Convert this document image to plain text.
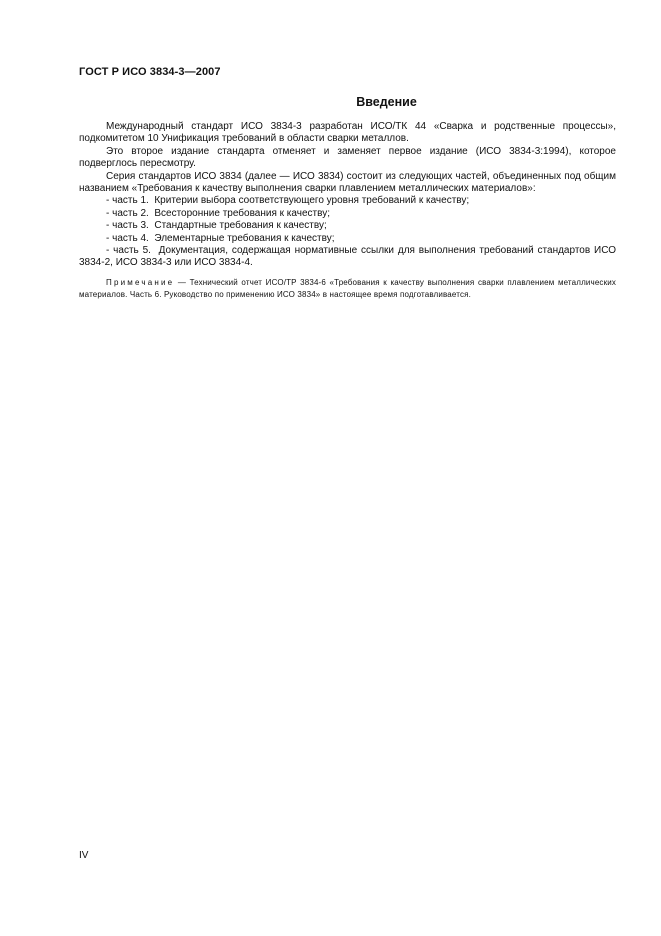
ГОСТ Р ИСО 3834-3—2007
Введение

Международный стандарт ИСО 3834-3 разработан ИСО/ТК 44 «Сварка и родственные процессы», подкомитетом 10 Унификация требований в области сварки металлов.

Это второе издание стандарта отменяет и заменяет первое издание (ИСО 3834-3:1994), которое подверглось пересмотру.

Серия стандартов ИСО 3834 (далее — ИСО 3834) состоит из следующих частей, объединенных под общим названием «Требования к качеству выполнения сварки плавлением металлических материалов»:

- часть 1. Критерии выбора соответствующего уровня требований к качеству;

- часть 2. Всесторонние требования к качеству;

- часть 3. Стандартные требования к качеству;

- часть 4. Элементарные требования к качеству;

- часть 5. Документация, содержащая нормативные ссылки для выполнения требований стандартов ИСО 3834-2, ИСО 3834-3 или ИСО 3834-4.

Примечание — Технический отчет ИСО/ТР 3834-6 «Требования к качеству выполнения сварки плавлением металлических материалов. Часть 6. Руководство по применению ИСО 3834» в настоящее время подготавливается.

IV
